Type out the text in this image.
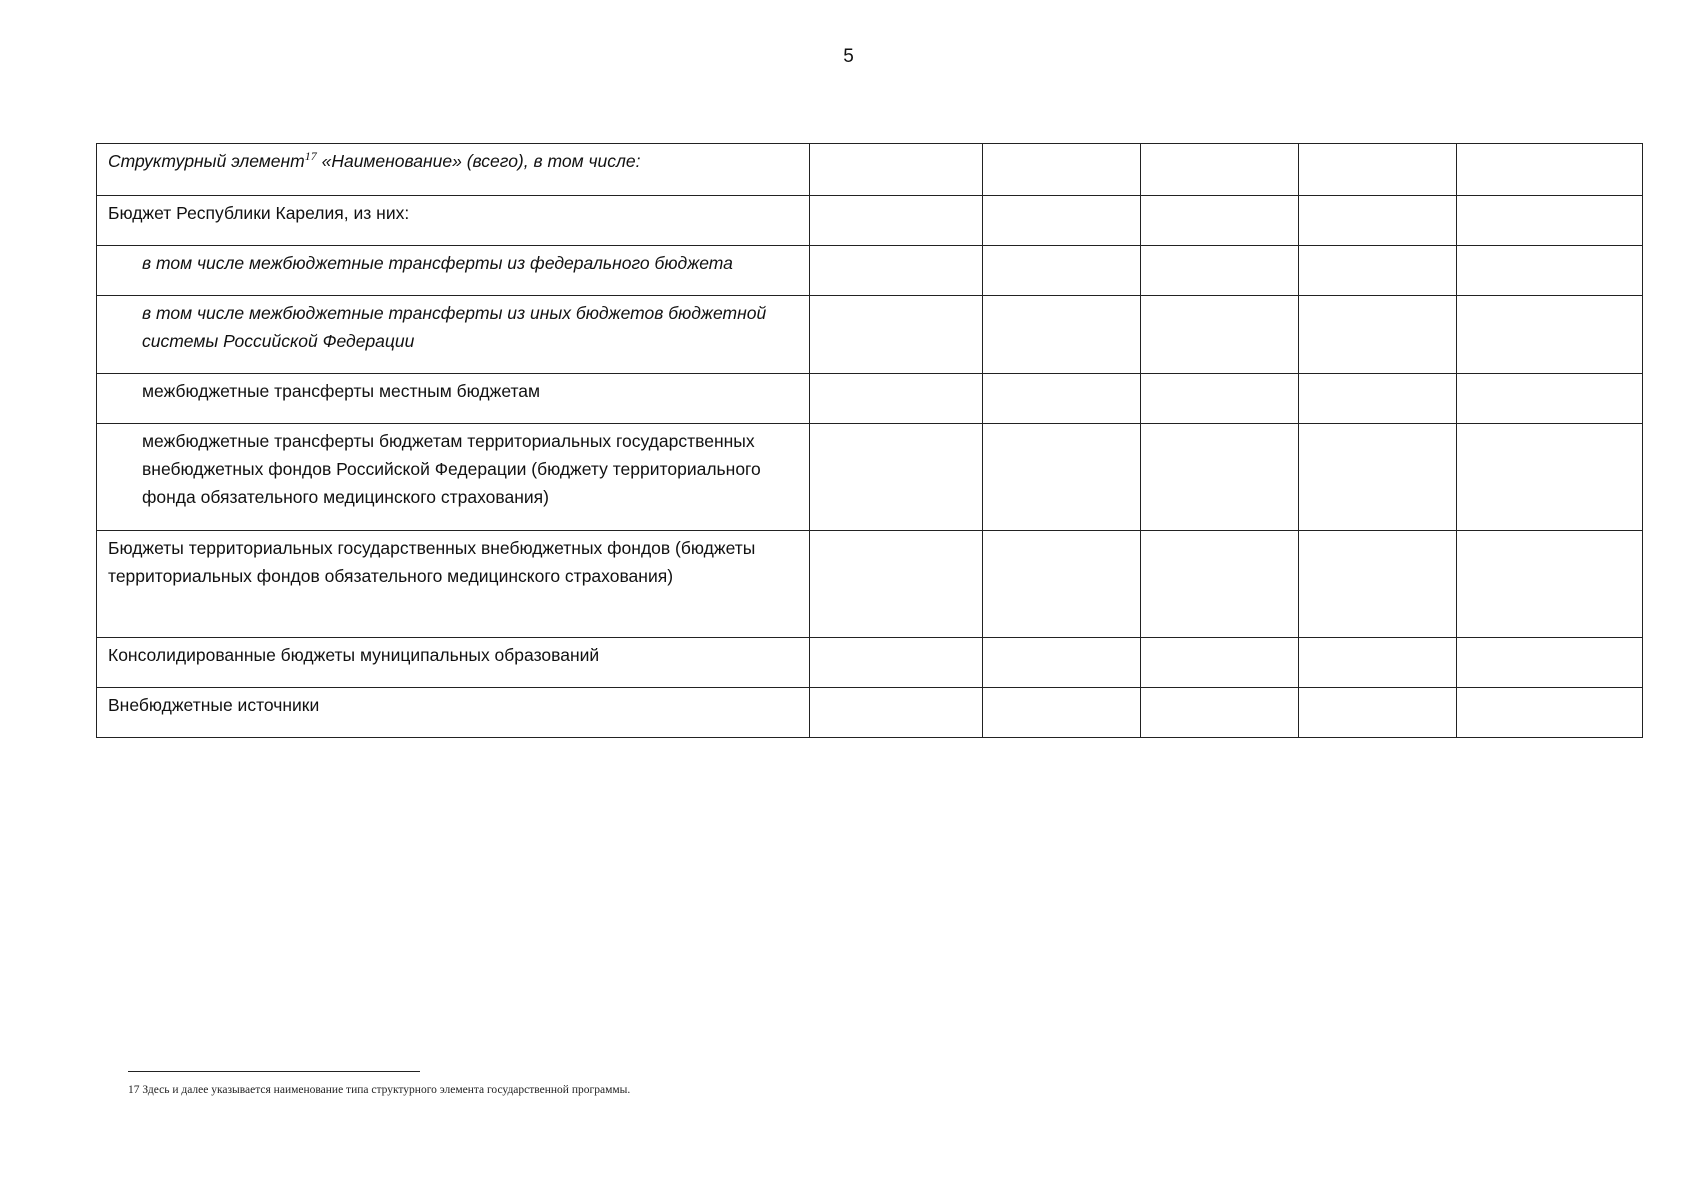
5
Структурный элемент$^{17}$ «Наименование» (всего), в том числе:					
Бюджет Республики Карелия, из них:					
в том числе межбюджетные трансферты из федерального бюджета					
в том числе межбюджетные трансферты из иных бюджетов бюджетной системы Российской Федерации					
межбюджетные трансферты местным бюджетам					
межбюджетные трансферты бюджетам территориальных государственных внебюджетных фондов Российской Федерации (бюджету территориального фонда обязательного медицинского страхования)					
Бюджеты территориальных государственных внебюджетных фондов (бюджеты территориальных фондов обязательного медицинского страхования)					
Консолидированные бюджеты муниципальных образований					
Внебюджетные источники					
17 Здесь и далее указывается наименование типа структурного элемента государственной программы.
